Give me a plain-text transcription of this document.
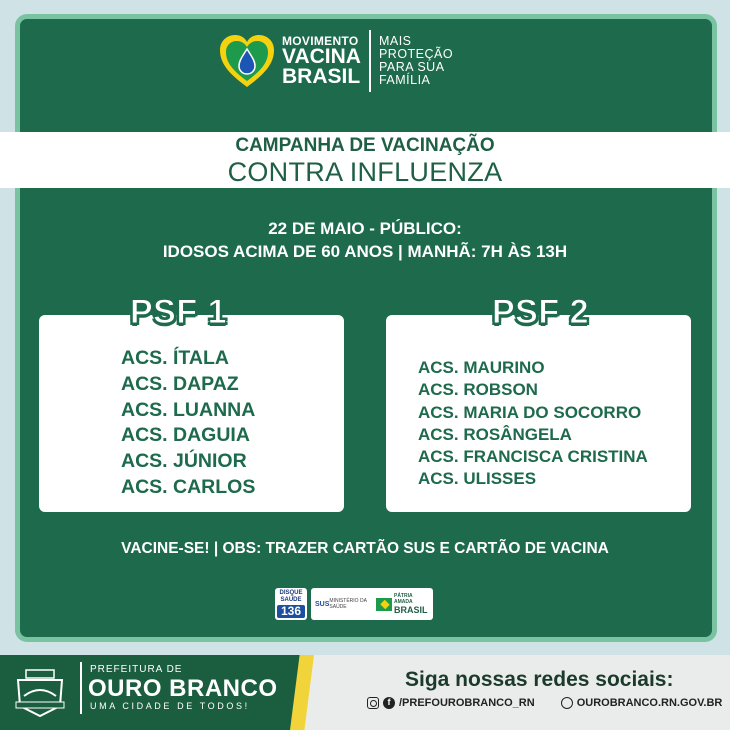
MOVIMENTO
VACINA
BRASIL
MAIS
PROTEÇÃO
PARA SUA
FAMÍLIA
CAMPANHA DE VACINAÇÃO
CONTRA INFLUENZA
22 DE MAIO - PÚBLICO:
IDOSOS ACIMA DE 60 ANOS | MANHÃ: 7H ÀS 13H
PSF 1	PSF 2
ACS. ÍTALA
ACS. DAPAZ
ACS. LUANNA
ACS. DAGUIA
ACS. JÚNIOR
ACS. CARLOS
ACS. MAURINO
ACS. ROBSON
ACS. MARIA DO SOCORRO
ACS. ROSÂNGELA
ACS. FRANCISCA CRISTINA
ACS. ULISSES
VACINE-SE! | OBS: TRAZER CARTÃO SUS E CARTÃO DE VACINA
DISQUE
SAÚDE
136	SUS MINISTÉRIO DA SAÚDE
PÁTRIA AMADA
BRASIL
PREFEITURA DE
OURO BRANCO
UMA CIDADE DE TODOS!
Siga nossas redes sociais:
f /PREFOUROBRANCO_RN	OUROBRANCO.RN.GOV.BR
